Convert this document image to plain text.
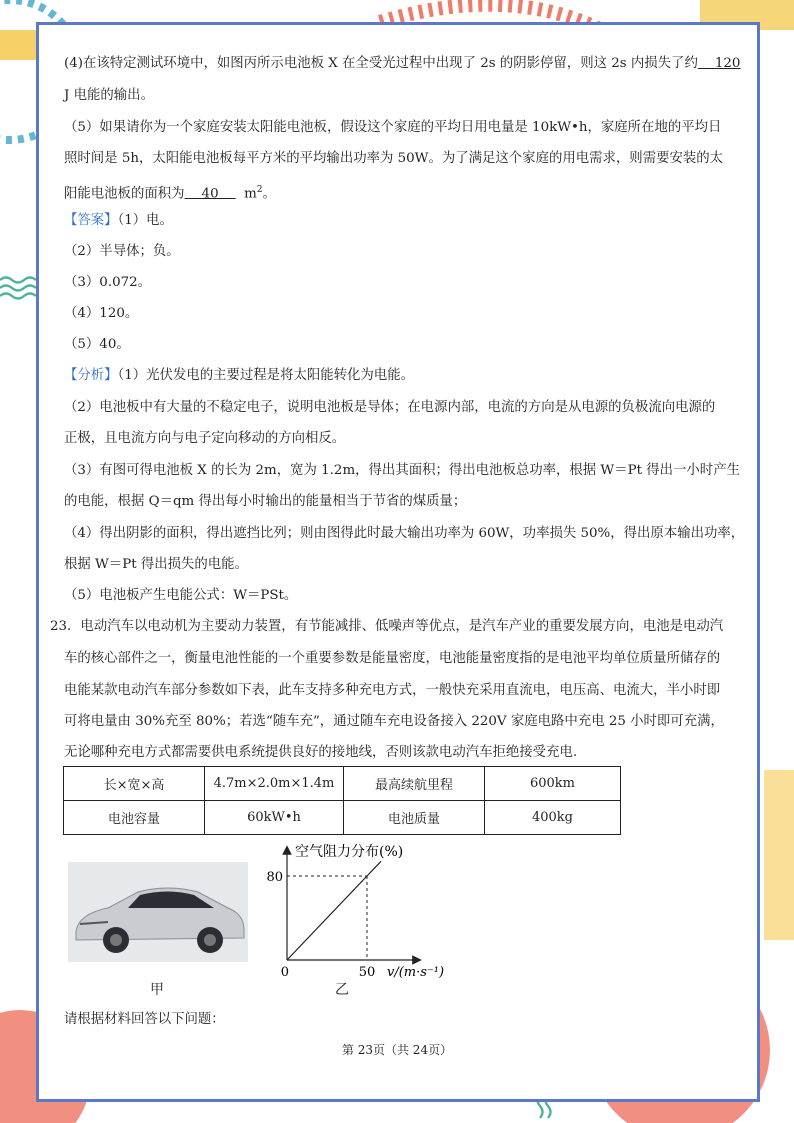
(4)在该特定测试环境中，如图丙所示电池板 X 在全受光过程中出现了 2s 的阴影停留，则这 2s 内损失了约 120
J 电能的输出。
（5）如果请你为一个家庭安装太阳能电池板，假设这个家庭的平均日用电量是 10kW•h，家庭所在地的平均日
照时间是 5h，太阳能电池板每平方米的平均输出功率为 50W。为了满足这个家庭的用电需求，则需要安装的太
阳能电池板的面积为 40 $m^2$。
【答案】（1）电。
（2）半导体；负。
（3）0.072。
（4）120。
（5）40。
【分析】（1）光伏发电的主要过程是将太阳能转化为电能。
（2）电池板中有大量的不稳定电子，说明电池板是导体；在电源内部，电流的方向是从电源的负极流向电源的
正极，且电流方向与电子定向移动的方向相反。
（3）有图可得电池板 X 的长为 2m，宽为 1.2m，得出其面积；得出电池板总功率，根据 W＝Pt 得出一小时产生
的电能，根据 Q＝qm 得出每小时输出的能量相当于节省的煤质量；
（4）得出阴影的面积，得出遮挡比列；则由图得此时最大输出功率为 60W，功率损失 50%，得出原本输出功率，
根据 W＝Pt 得出损失的电能。
（5）电池板产生电能公式：W＝PSt。
23．电动汽车以电动机为主要动力装置，有节能减排、低噪声等优点，是汽车产业的重要发展方向，电池是电动汽
车的核心部件之一，衡量电池性能的一个重要参数是能量密度，电池能量密度指的是电池平均单位质量所储存的
电能某款电动汽车部分参数如下表，此车支持多种充电方式，一般快充采用直流电，电压高、电流大，半小时即
可将电量由 30%充至 80%；若选“随车充”，通过随车充电设备接入 220V 家庭电路中充电 25 小时即可充满，
无论哪种充电方式都需要供电系统提供良好的接地线，否则该款电动汽车拒绝接受充电.
长×宽×高	4.7m×2.0m×1.4m	最高续航里程	600km
电池容量	60kW•h	电池质量	400kg
甲
空气阻力分布(%)
80
50
0	v/(m·s⁻¹)
乙
请根据材料回答以下问题：
第 23页（共 24页）
